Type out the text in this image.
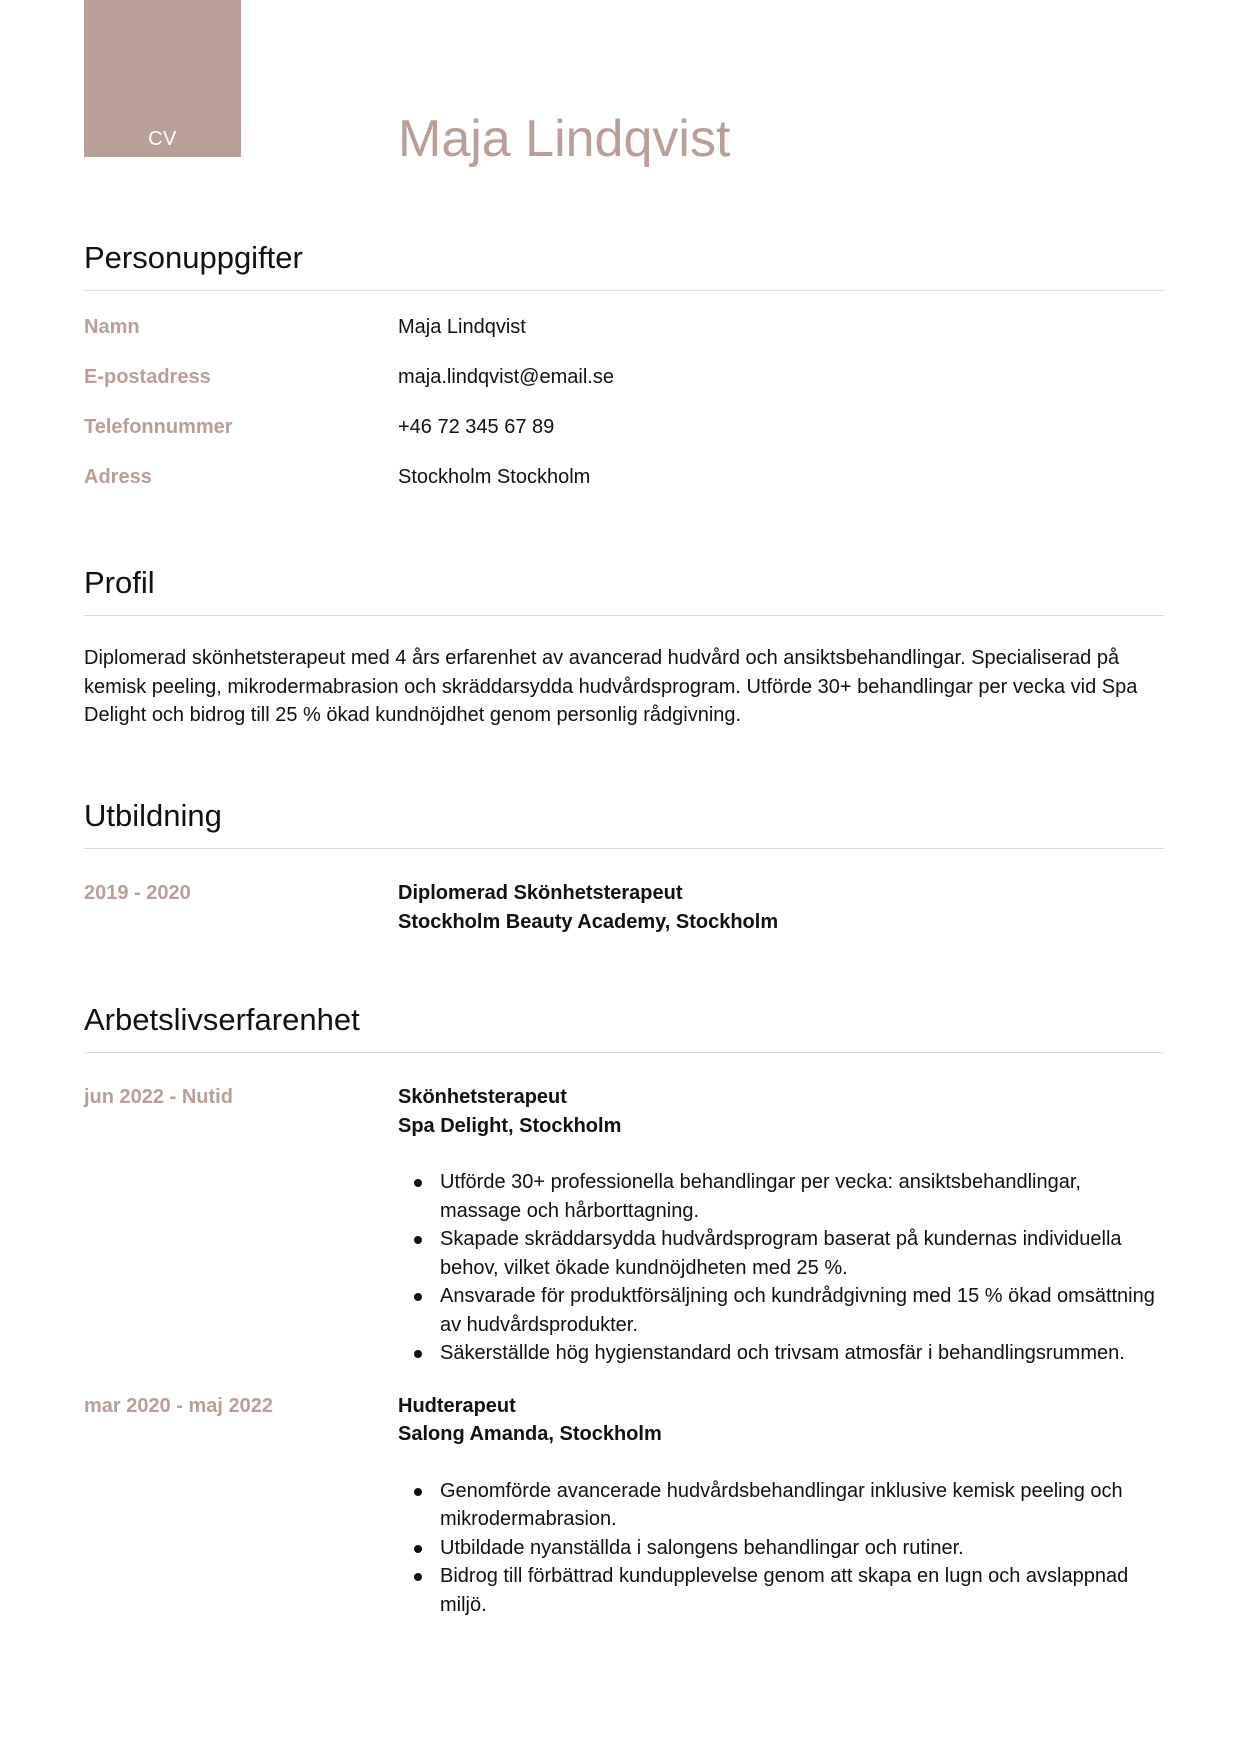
CV	Maja Lindqvist
Personuppgifter
Namn	Maja Lindqvist
E-postadress	maja.lindqvist@email.se
Telefonnummer	+46 72 345 67 89
Adress	Stockholm Stockholm
Profil

Diplomerad skönhetsterapeut med 4 års erfarenhet av avancerad hudvård och ansiktsbehandlingar. Specialiserad på kemisk peeling, mikrodermabrasion och skräddarsydda hudvårdsprogram. Utförde 30+ behandlingar per vecka vid Spa Delight och bidrog till 25 % ökad kundnöjdhet genom personlig rådgivning.

Utbildning
2019 - 2020	Diplomerad Skönhetsterapeut
Stockholm Beauty Academy, Stockholm
Arbetslivserfarenhet
jun 2022 - Nutid	Skönhetsterapeut
Spa Delight, Stockholm
Utförde 30+ professionella behandlingar per vecka: ansiktsbehandlingar, massage och hårborttagning.
Skapade skräddarsydda hudvårdsprogram baserat på kundernas individuella behov, vilket ökade kundnöjdheten med 25 %.
Ansvarade för produktförsäljning och kundrådgivning med 15 % ökad omsättning av hudvårdsprodukter.
Säkerställde hög hygienstandard och trivsam atmosfär i behandlingsrummen.
mar 2020 - maj 2022	Hudterapeut
Salong Amanda, Stockholm
Genomförde avancerade hudvårdsbehandlingar inklusive kemisk peeling och mikrodermabrasion.
Utbildade nyanställda i salongens behandlingar och rutiner.
Bidrog till förbättrad kundupplevelse genom att skapa en lugn och avslappnad miljö.
